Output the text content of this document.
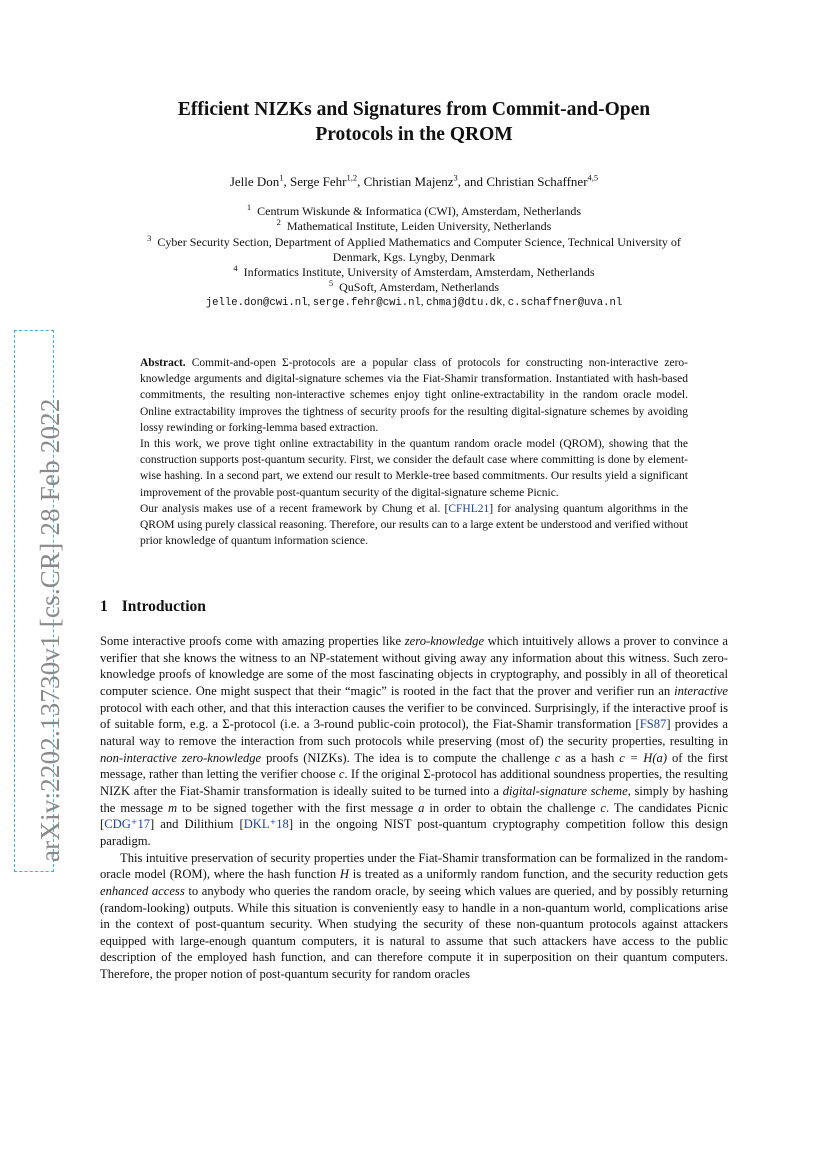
arXiv:2202.13730v1 [cs.CR] 28 Feb 2022
Efficient NIZKs and Signatures from Commit-and-Open
Protocols in the QROM
Jelle Don$^1$, Serge Fehr$^{1,2}$, Christian Majenz$^3$, and Christian Schaffner$^{4,5}$
$^1$ Centrum Wiskunde & Informatica (CWI), Amsterdam, Netherlands
$^2$ Mathematical Institute, Leiden University, Netherlands
$^3$ Cyber Security Section, Department of Applied Mathematics and Computer Science, Technical University of
Denmark, Kgs. Lyngby, Denmark
$^4$ Informatics Institute, University of Amsterdam, Amsterdam, Netherlands
$^5$ QuSoft, Amsterdam, Netherlands
jelle.don@cwi.nl, serge.fehr@cwi.nl, chmaj@dtu.dk, c.schaffner@uva.nl

Abstract. Commit-and-open Σ-protocols are a popular class of protocols for constructing non-interactive zero-knowledge arguments and digital-signature schemes via the Fiat-Shamir transformation. Instantiated with hash-based commitments, the resulting non-interactive schemes enjoy tight online-extractability in the random oracle model. Online extractability improves the tightness of security proofs for the resulting digital-signature schemes by avoiding lossy rewinding or forking-lemma based extraction.

In this work, we prove tight online extractability in the quantum random oracle model (QROM), showing that the construction supports post-quantum security. First, we consider the default case where committing is done by element-wise hashing. In a second part, we extend our result to Merkle-tree based commitments. Our results yield a significant improvement of the provable post-quantum security of the digital-signature scheme Picnic.

Our analysis makes use of a recent framework by Chung et al. [CFHL21] for analysing quantum algorithms in the QROM using purely classical reasoning. Therefore, our results can to a large extent be understood and verified without prior knowledge of quantum information science.

1 Introduction

Some interactive proofs come with amazing properties like zero-knowledge which intuitively allows a prover to convince a verifier that she knows the witness to an NP-statement without giving away any information about this witness. Such zero-knowledge proofs of knowledge are some of the most fascinating objects in cryptography, and possibly in all of theoretical computer science. One might suspect that their “magic” is rooted in the fact that the prover and verifier run an interactive protocol with each other, and that this interaction causes the verifier to be convinced. Surprisingly, if the interactive proof is of suitable form, e.g. a Σ-protocol (i.e. a 3-round public-coin protocol), the Fiat-Shamir transformation [FS87] provides a natural way to remove the interaction from such protocols while preserving (most of) the security properties, resulting in non-interactive zero-knowledge proofs (NIZKs). The idea is to compute the challenge c as a hash c = H(a) of the first message, rather than letting the verifier choose c. If the original Σ-protocol has additional soundness properties, the resulting NIZK after the Fiat-Shamir transformation is ideally suited to be turned into a digital-signature scheme, simply by hashing the message m to be signed together with the first message a in order to obtain the challenge c. The candidates Picnic [CDG⁺17] and Dilithium [DKL⁺18] in the ongoing NIST post-quantum cryptography competition follow this design paradigm.

This intuitive preservation of security properties under the Fiat-Shamir transformation can be formalized in the random-oracle model (ROM), where the hash function H is treated as a uniformly random function, and the security reduction gets enhanced access to anybody who queries the random oracle, by seeing which values are queried, and by possibly returning (random-looking) outputs. While this situation is conveniently easy to handle in a non-quantum world, complications arise in the context of post-quantum security. When studying the security of these non-quantum protocols against attackers equipped with large-enough quantum computers, it is natural to assume that such attackers have access to the public description of the employed hash function, and can therefore compute it in superposition on their quantum computers. Therefore, the proper notion of post-quantum security for random oracles
